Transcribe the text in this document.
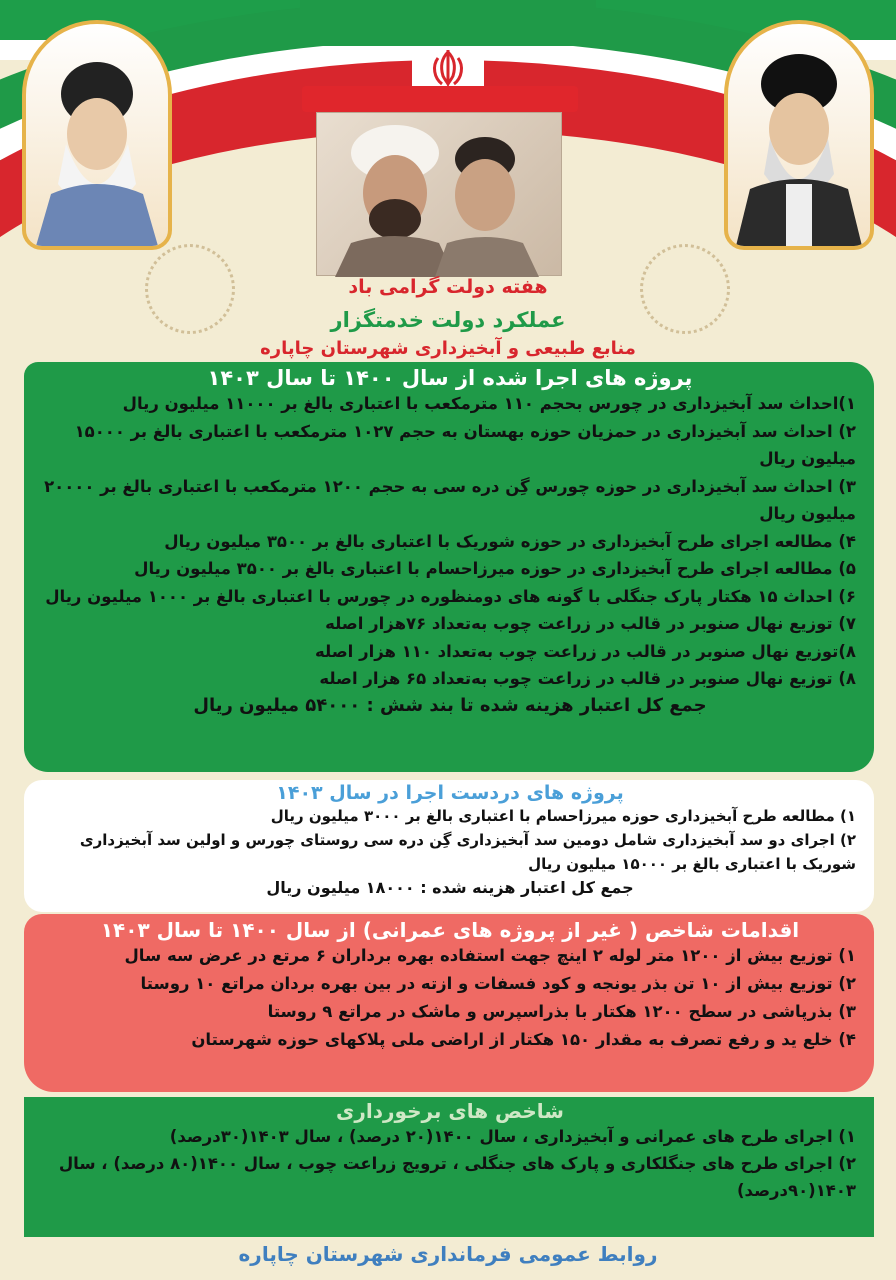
هفته دولت گرامی باد
عملکرد دولت خدمتگزار
منابع طبیعی و آبخیزداری شهرستان چاپاره
پروژه های اجرا شده از سال ۱۴۰۰ تا سال ۱۴۰۳
۱)احداث سد آبخیزداری در چورس بحجم ۱۱۰ مترمکعب با اعتباری بالغ بر ۱۱۰۰۰ میلیون ریال
۲) احداث سد آبخیزداری در حمزیان حوزه بهستان به حجم ۱۰۲۷ مترمکعب با اعتباری بالغ بر ۱۵۰۰۰ میلیون ریال
۳) احداث سد آبخیزداری در حوزه چورس گِن دره سی به حجم ۱۲۰۰ مترمکعب با اعتباری بالغ بر ۲۰۰۰۰ میلیون ریال
۴) مطالعه اجرای طرح آبخیزداری در حوزه شوریک با اعتباری بالغ بر ۳۵۰۰ میلیون ریال
۵) مطالعه اجرای طرح آبخیزداری در حوزه میرزاحسام با اعتباری بالغ بر ۳۵۰۰ میلیون ریال
۶) احداث ۱۵ هکتار پارک جنگلی با گونه های دومنظوره در چورس با اعتباری بالغ بر ۱۰۰۰ میلیون ریال
۷) توزیع نهال صنوبر در قالب در زراعت چوب به‌تعداد ۷۶هزار اصله
۸)توزیع نهال صنوبر در قالب در زراعت چوب به‌تعداد ۱۱۰ هزار اصله
۸) توزیع نهال صنوبر در قالب در زراعت چوب به‌تعداد ۶۵ هزار اصله
جمع کل اعتبار هزینه شده تا بند شش : ۵۴۰۰۰ میلیون ریال
پروژه های دردست اجرا در سال ۱۴۰۳
۱) مطالعه طرح آبخیزداری حوزه میرزاحسام با اعتباری بالغ بر ۳۰۰۰ میلیون ریال
۲) اجرای دو سد آبخیزداری شامل دومین سد آبخیزداری گِن دره سی روستای چورس و اولین سد آبخیزداری شوریک با اعتباری بالغ بر ۱۵۰۰۰ میلیون ریال
جمع کل اعتبار هزینه شده : ۱۸۰۰۰ میلیون ریال
اقدامات شاخص ( غیر از پروژه های عمرانی) از سال ۱۴۰۰ تا سال ۱۴۰۳
۱) توزیع بیش از ۱۲۰۰ متر لوله ۲ اینچ جهت استفاده بهره برداران ۶ مرتع در عرض سه سال
۲) توزیع بیش از ۱۰ تن بذر یونجه و کود فسفات و ازته در بین بهره بردان مراتع ۱۰ روستا
۳) بذرپاشی در سطح ۱۲۰۰ هکتار با بذراسپرس و ماشک در مراتع ۹ روستا
۴) خلع ید و رفع تصرف به مقدار ۱۵۰ هکتار از اراضی ملی پلاکهای حوزه شهرستان
شاخص های برخورداری
۱) اجرای طرح های عمرانی و آبخیزداری ، سال ۱۴۰۰(۲۰ درصد) ، سال ۱۴۰۳(۳۰درصد)
۲) اجرای طرح های جنگلکاری و پارک های جنگلی ، ترویج زراعت چوب ، سال ۱۴۰۰(۸۰ درصد) ، سال ۱۴۰۳(۹۰درصد)
روابط عمومی فرمانداری شهرستان چاپاره
